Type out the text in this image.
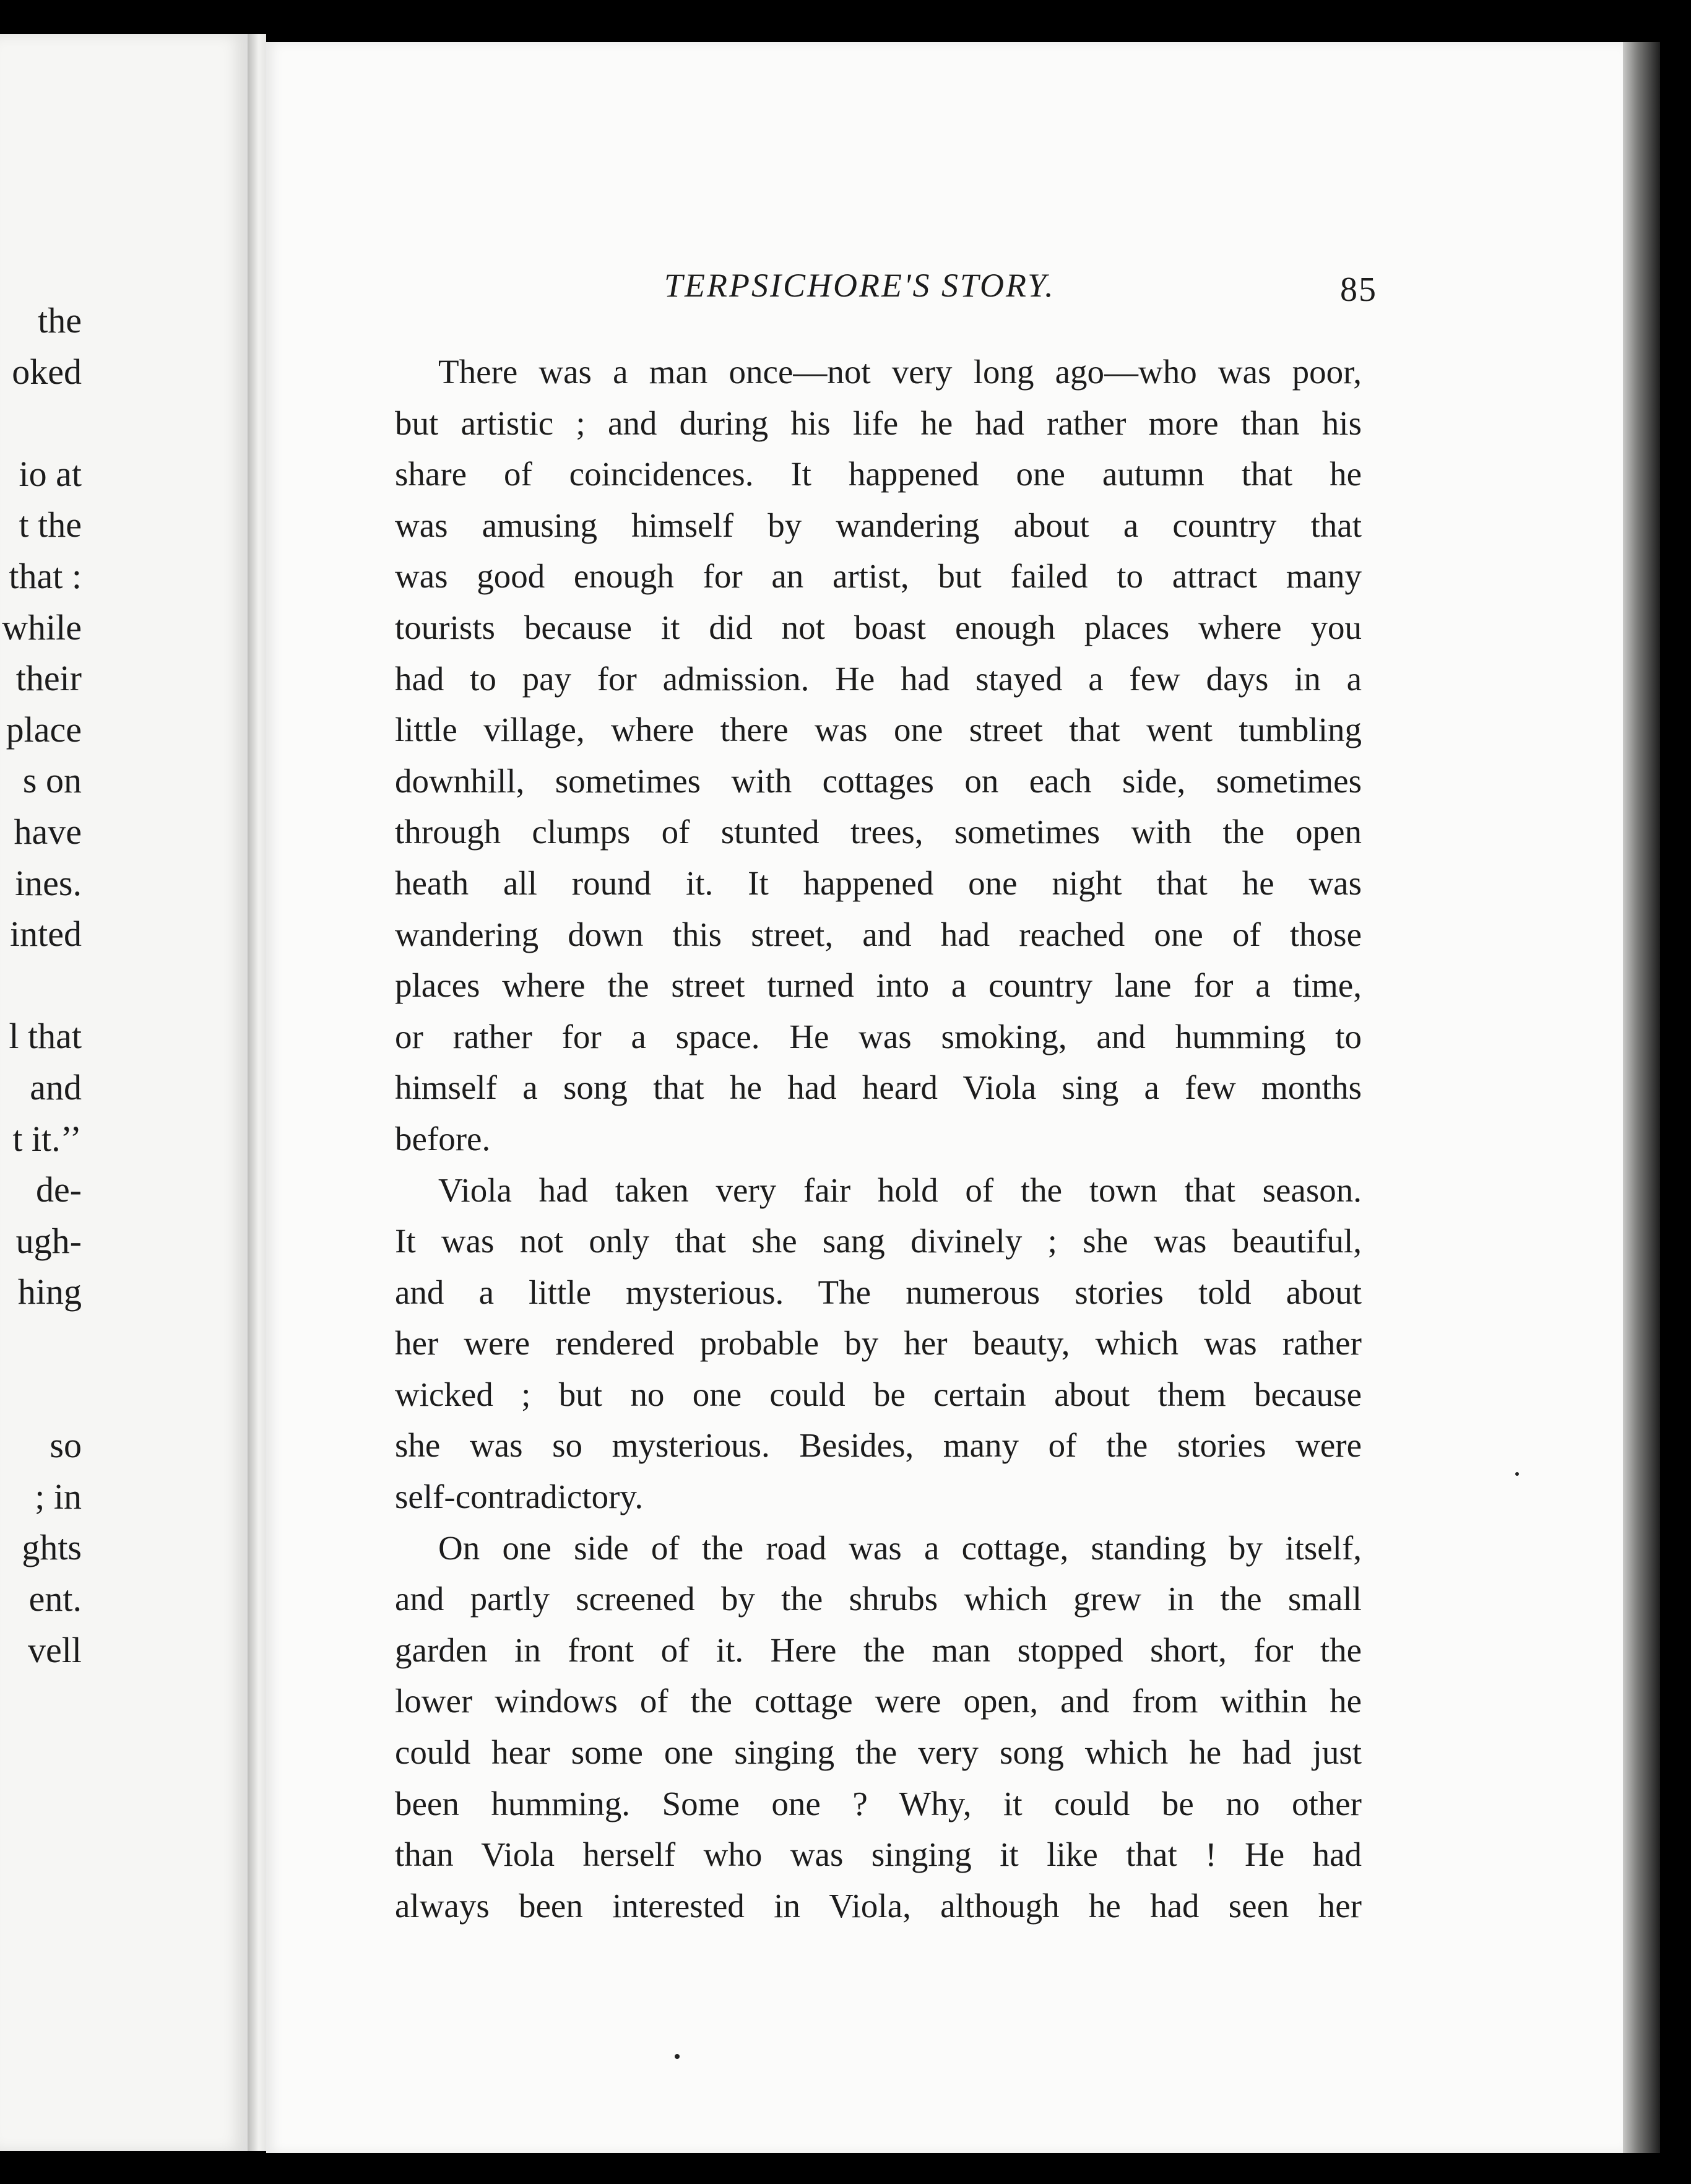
the
oked
io at
t the
that :
while
their
place
s on
have
ines.
inted
l that
and
t it.’’
de-
ugh-
hing
so
; in
ghts
ent.
vell
TERPSICHORE'S STORY.	85
There was a man once—not very long ago—who was poor,
but artistic ; and during his life he had rather more than his
share of coincidences. It happened one autumn that he
was amusing himself by wandering about a country that
was good enough for an artist, but failed to attract many
tourists because it did not boast enough places where you
had to pay for admission. He had stayed a few days in a
little village, where there was one street that went tumbling
downhill, sometimes with cottages on each side, sometimes
through clumps of stunted trees, sometimes with the open
heath all round it. It happened one night that he was
wandering down this street, and had reached one of those
places where the street turned into a country lane for a time,
or rather for a space. He was smoking, and humming to
himself a song that he had heard Viola sing a few months
before.
Viola had taken very fair hold of the town that season.
It was not only that she sang divinely ; she was beautiful,
and a little mysterious. The numerous stories told about
her were rendered probable by her beauty, which was rather
wicked ; but no one could be certain about them because
she was so mysterious. Besides, many of the stories were
self-contradictory.
On one side of the road was a cottage, standing by itself,
and partly screened by the shrubs which grew in the small
garden in front of it. Here the man stopped short, for the
lower windows of the cottage were open, and from within he
could hear some one singing the very song which he had just
been humming. Some one ? Why, it could be no other
than Viola herself who was singing it like that ! He had
always been interested in Viola, although he had seen her
